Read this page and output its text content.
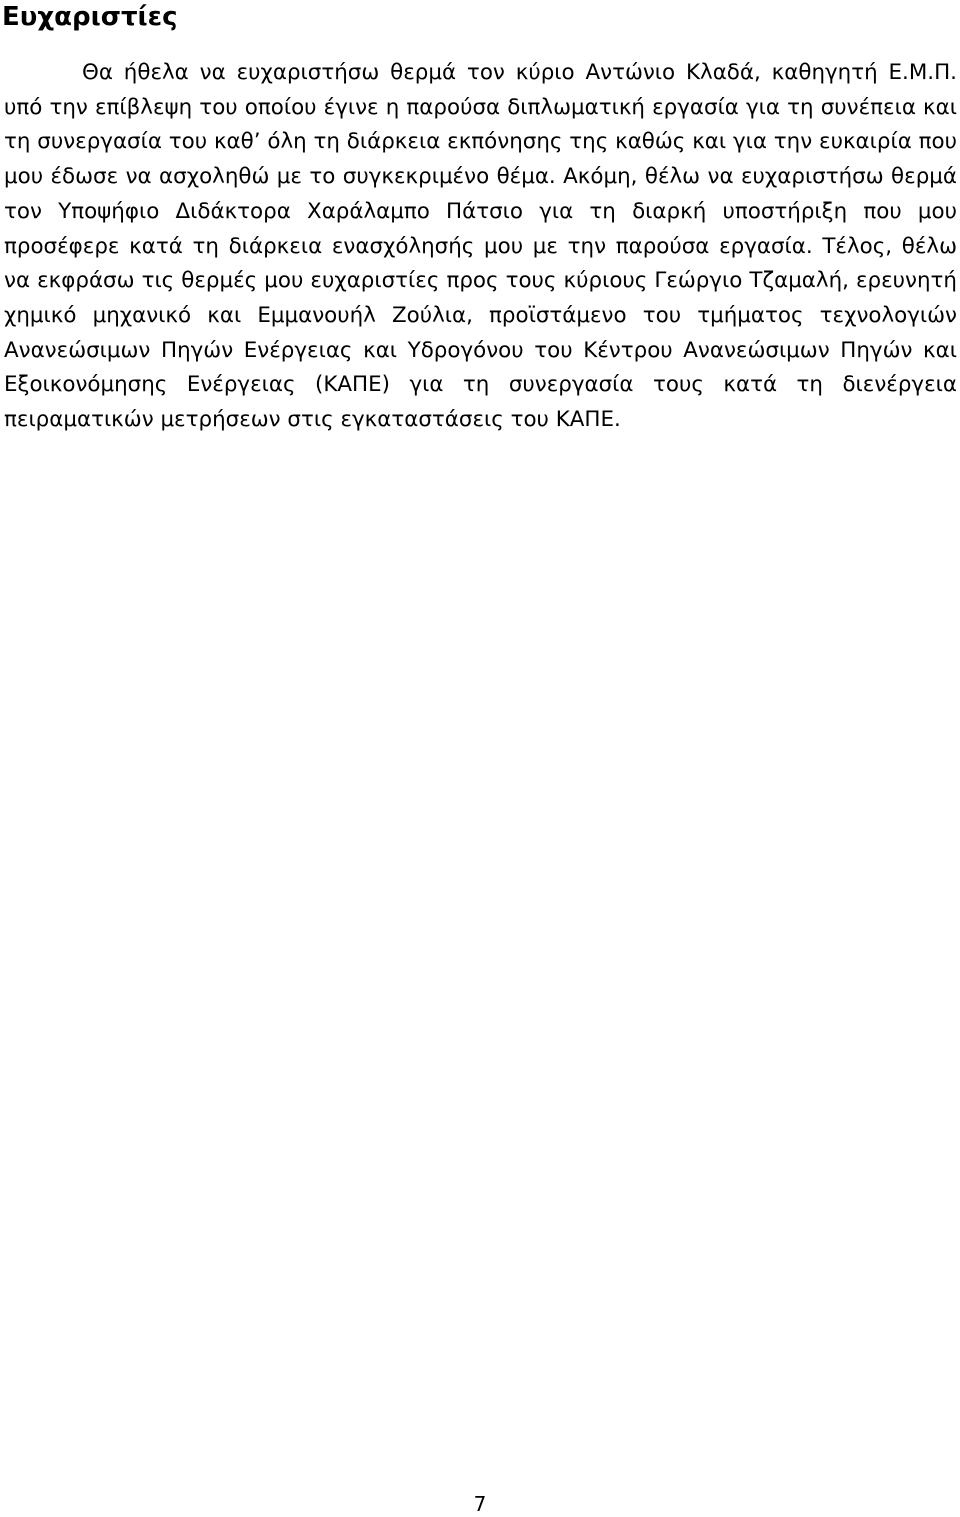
Ευχαριστίες

Θα ήθελα να ευχαριστήσω θερμά τον κύριο Αντώνιο Κλαδά, καθηγητή Ε.Μ.Π. υπό την επίβλεψη του οποίου έγινε η παρούσα διπλωματική εργασία για τη συνέπεια και τη συνεργασία του καθ’ όλη τη διάρκεια εκπόνησης της καθώς και για την ευκαιρία που μου έδωσε να ασχοληθώ με το συγκεκριμένο θέμα. Ακόμη, θέλω να ευχαριστήσω θερμά τον Υποψήφιο Διδάκτορα Χαράλαμπο Πάτσιο για τη διαρκή υποστήριξη που μου προσέφερε κατά τη διάρκεια ενασχόλησής μου με την παρούσα εργασία. Τέλος, θέλω να εκφράσω τις θερμές μου ευχαριστίες προς τους κύριους Γεώργιο Τζαμαλή, ερευνητή χημικό μηχανικό και Εμμανουήλ Ζούλια, προϊστάμενο του τμήματος τεχνολογιών Ανανεώσιμων Πηγών Ενέργειας και Υδρογόνου του Κέντρου Ανανεώσιμων Πηγών και Εξοικονόμησης Ενέργειας (ΚΑΠΕ) για τη συνεργασία τους κατά τη διενέργεια πειραματικών μετρήσεων στις εγκαταστάσεις του ΚΑΠΕ.

7
